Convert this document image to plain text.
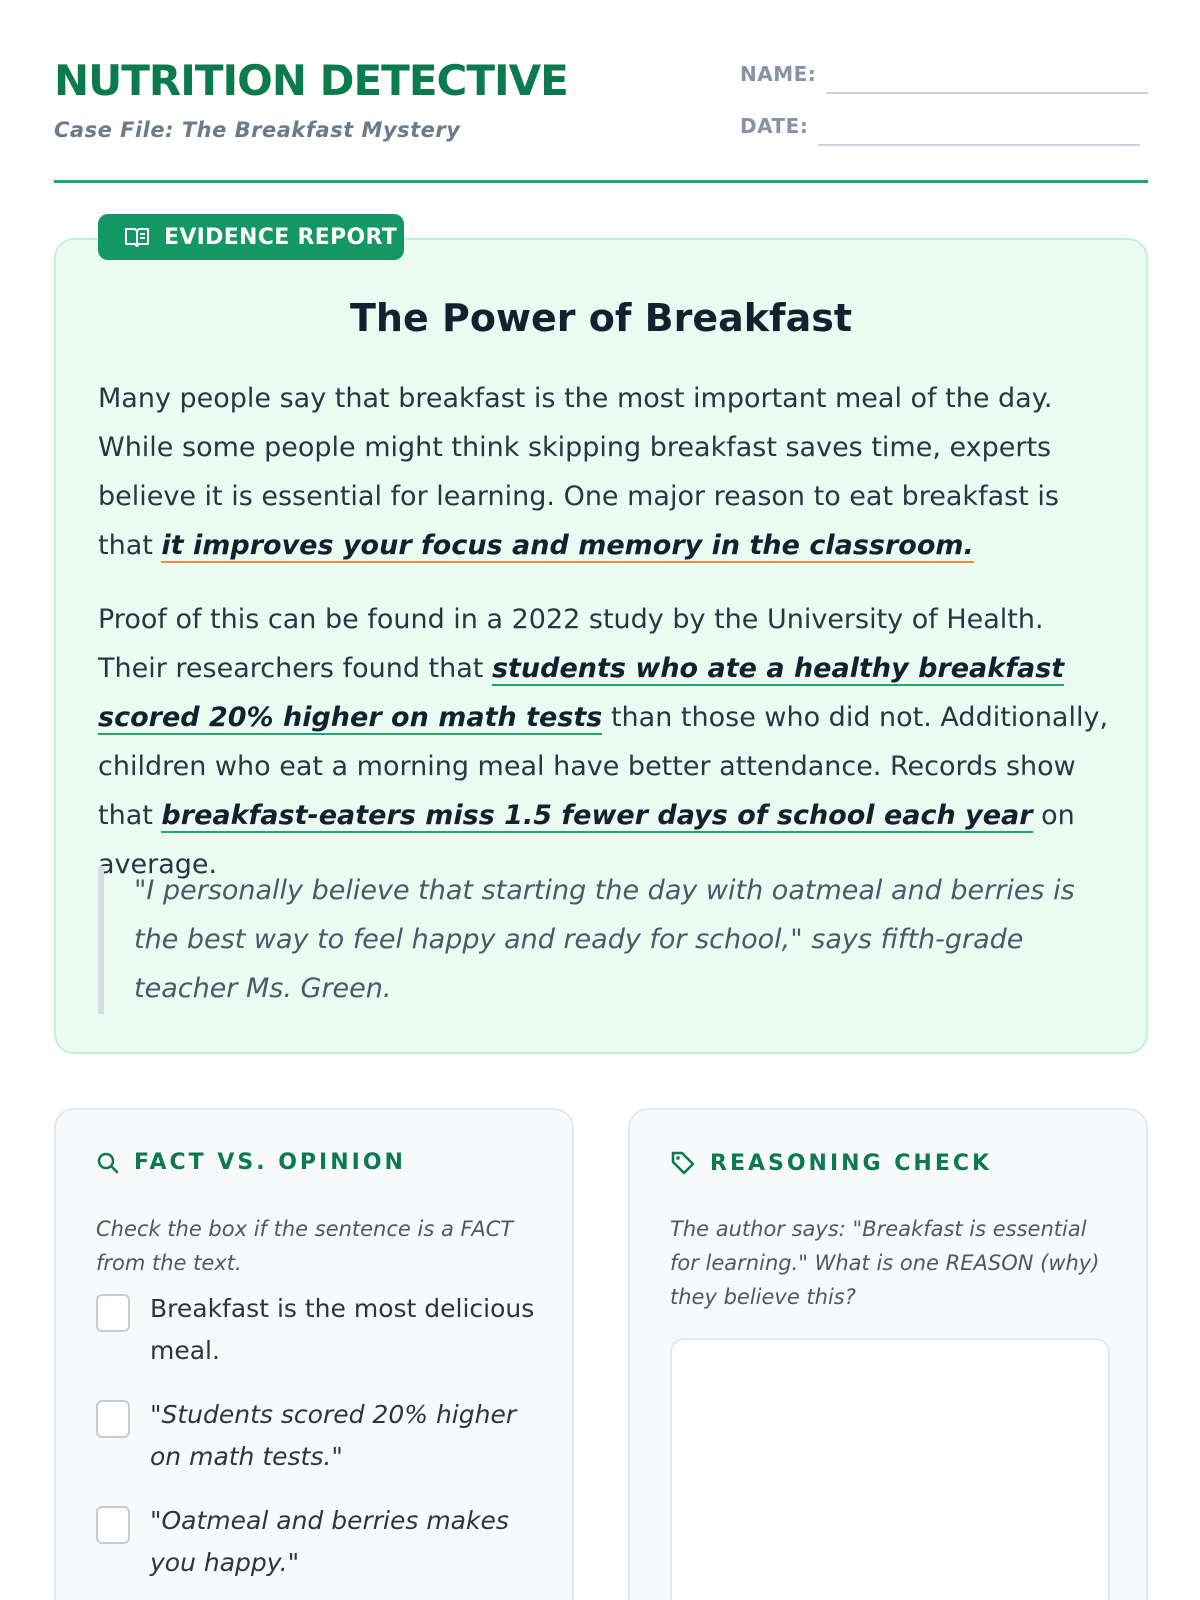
NUTRITION DETECTIVE
Case File: The Breakfast Mystery
NAME:
DATE:
EVIDENCE REPORT
The Power of Breakfast
Many people say that breakfast is the most important meal of the day. While some people might think skipping breakfast saves time, experts believe it is essential for learning. One major reason to eat breakfast is that it improves your focus and memory in the classroom.
Proof of this can be found in a 2022 study by the University of Health. Their researchers found that students who ate a healthy breakfast scored 20% higher on math tests than those who did not. Additionally, children who eat a morning meal have better attendance. Records show that breakfast-eaters miss 1.5 fewer days of school each year on average.
"I personally believe that starting the day with oatmeal and berries is the best way to feel happy and ready for school," says fifth-grade teacher Ms. Green.
FACT VS. OPINION
Check the box if the sentence is a FACT from the text.
Breakfast is the most delicious meal.
"Students scored 20% higher on math tests."
"Oatmeal and berries makes you happy."
REASONING CHECK
The author says: "Breakfast is essential for learning." What is one REASON (why) they believe this?
